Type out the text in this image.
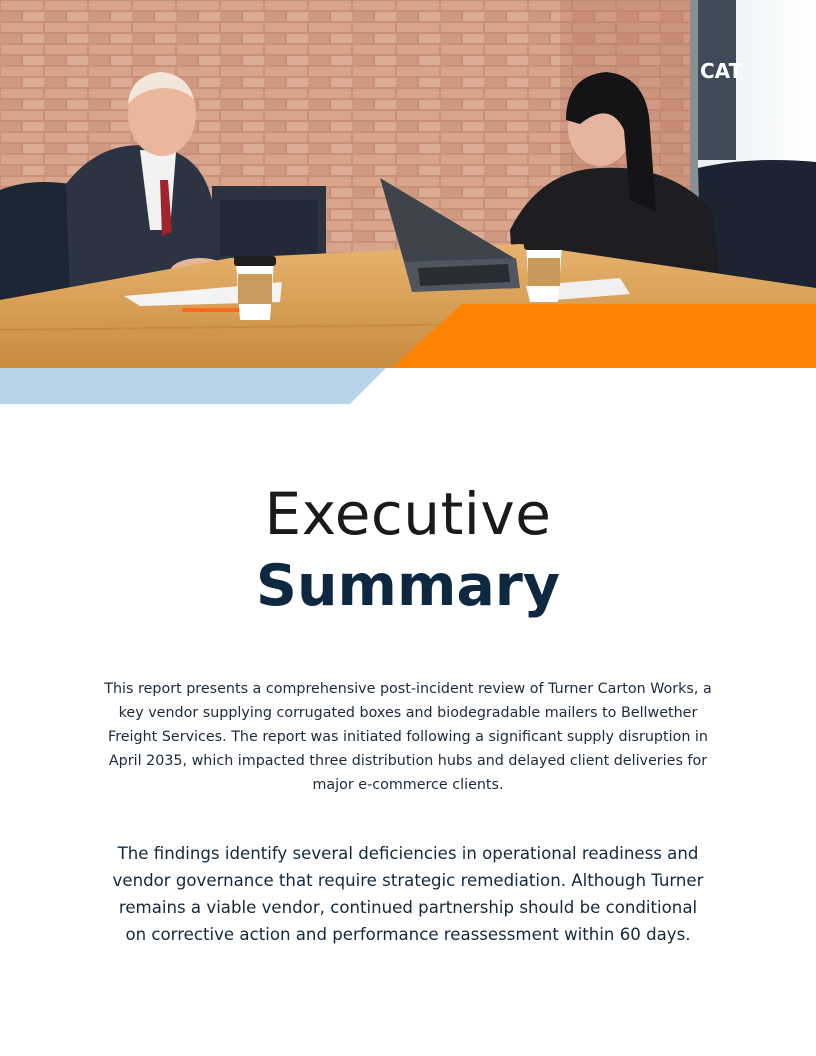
CAT
Executive
Summary

This report presents a comprehensive post-incident review of Turner Carton Works, a key vendor supplying corrugated boxes and biodegradable mailers to Bellwether Freight Services. The report was initiated following a significant supply disruption in April 2035, which impacted three distribution hubs and delayed client deliveries for major e-commerce clients.

The findings identify several deficiencies in operational readiness and vendor governance that require strategic remediation. Although Turner remains a viable vendor, continued partnership should be conditional on corrective action and performance reassessment within 60 days.
